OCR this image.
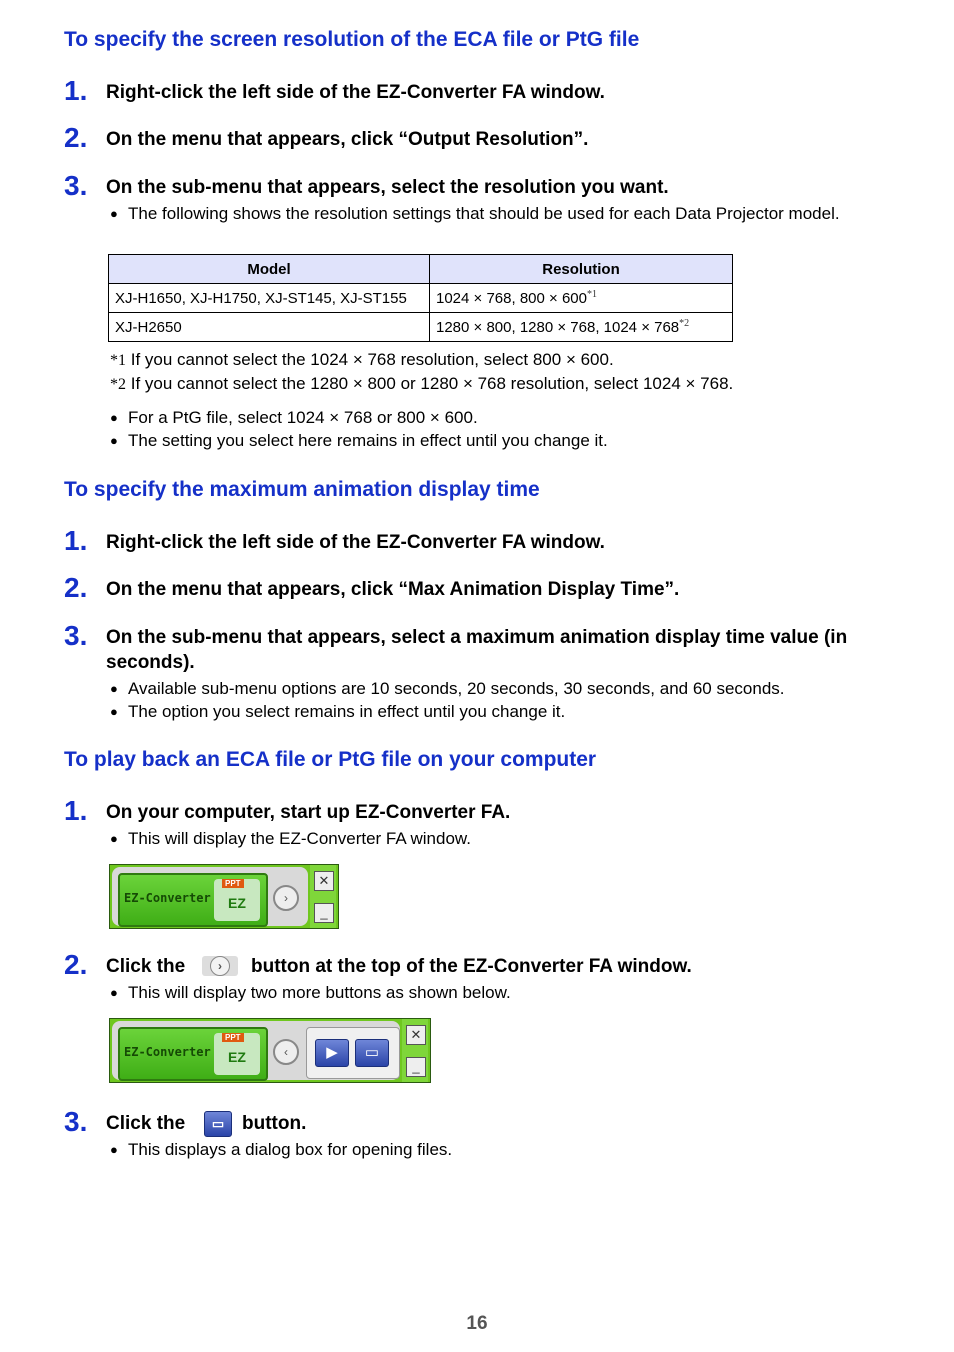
To specify the screen resolution of the ECA file or PtG file
1. Right-click the left side of the EZ-Converter FA window.
2. On the menu that appears, click “Output Resolution”.
3. On the sub-menu that appears, select the resolution you want.
● The following shows the resolution settings that should be used for each Data Projector model.
Model	Resolution
XJ-H1650, XJ-H1750, XJ-ST145, XJ-ST155	1024 × 768, 800 × 600$^{*1}$
XJ-H2650	1280 × 800, 1280 × 768, 1024 × 768$^{*2}$
*1 If you cannot select the 1024 × 768 resolution, select 800 × 600.
*2 If you cannot select the 1280 × 800 or 1280 × 768 resolution, select 1024 × 768.
● For a PtG file, select 1024 × 768 or 800 × 600.
● The setting you select here remains in effect until you change it.
To specify the maximum animation display time
1. Right-click the left side of the EZ-Converter FA window.
2. On the menu that appears, click “Max Animation Display Time”.
3. On the sub-menu that appears, select a maximum animation display time value (in seconds).
● Available sub-menu options are 10 seconds, 20 seconds, 30 seconds, and 60 seconds.
● The option you select remains in effect until you change it.
To play back an ECA file or PtG file on your computer
1. On your computer, start up EZ-Converter FA.
● This will display the EZ-Converter FA window.
EZ-Converter
PPT
EZ	›
✕
_
2. Click the	›	button at the top of the EZ-Converter FA window.
● This will display two more buttons as shown below.
EZ-Converter
PPT
EZ	‹	▶	▭
✕
_
3. Click the	▭ button.
● This displays a dialog box for opening files.
16
